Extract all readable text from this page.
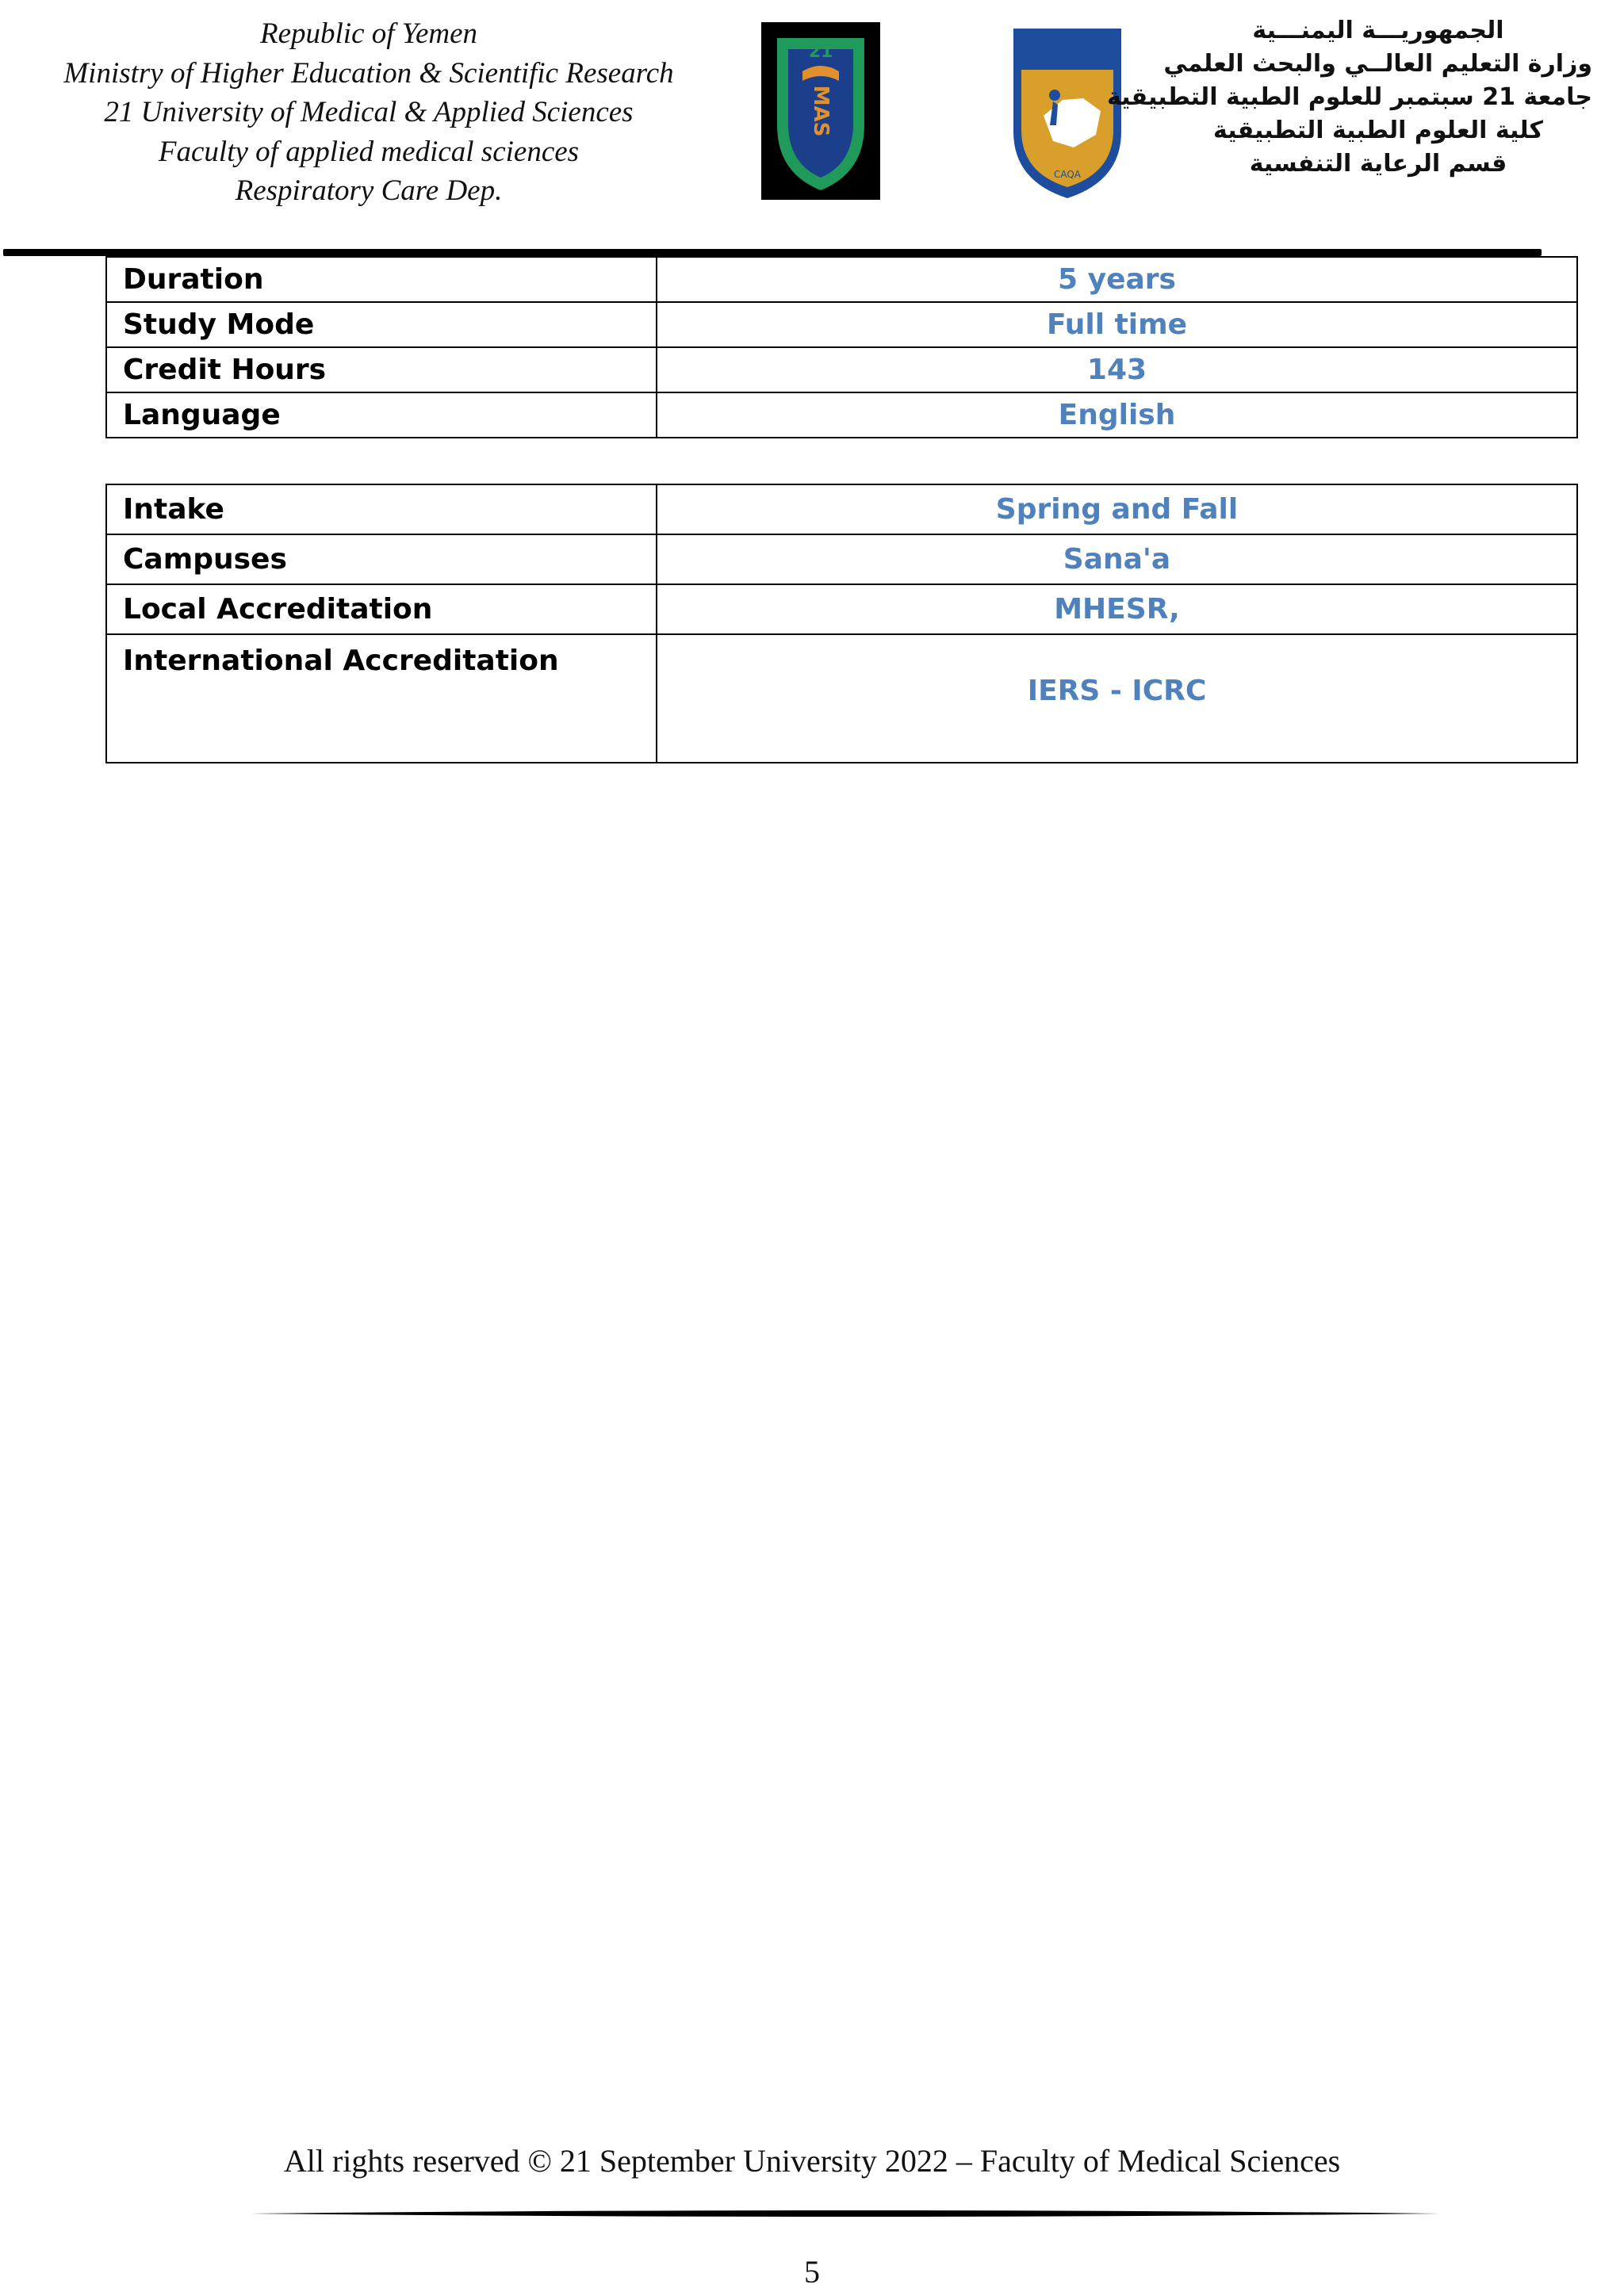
Republic of Yemen
Ministry of Higher Education & Scientific Research
21 University of Medical & Applied Sciences
Faculty of applied medical sciences
Respiratory Care Dep.
21
MAS
CAQA
الجمهوريـــة اليمنـــية
وزارة التعليم العالــي والبحث العلمي
جامعة 21 سبتمبر للعلوم الطبية التطبيقية
كلية العلوم الطبية التطبيقية
قسم الرعاية التنفسية
Duration	5 years
Study Mode	Full time
Credit Hours	143
Language	English
Intake	Spring and Fall
Campuses	Sana'a
Local Accreditation	MHESR,
International Accreditation	IERS - ICRC
All rights reserved © 21 September University 2022 – Faculty of Medical Sciences
5
